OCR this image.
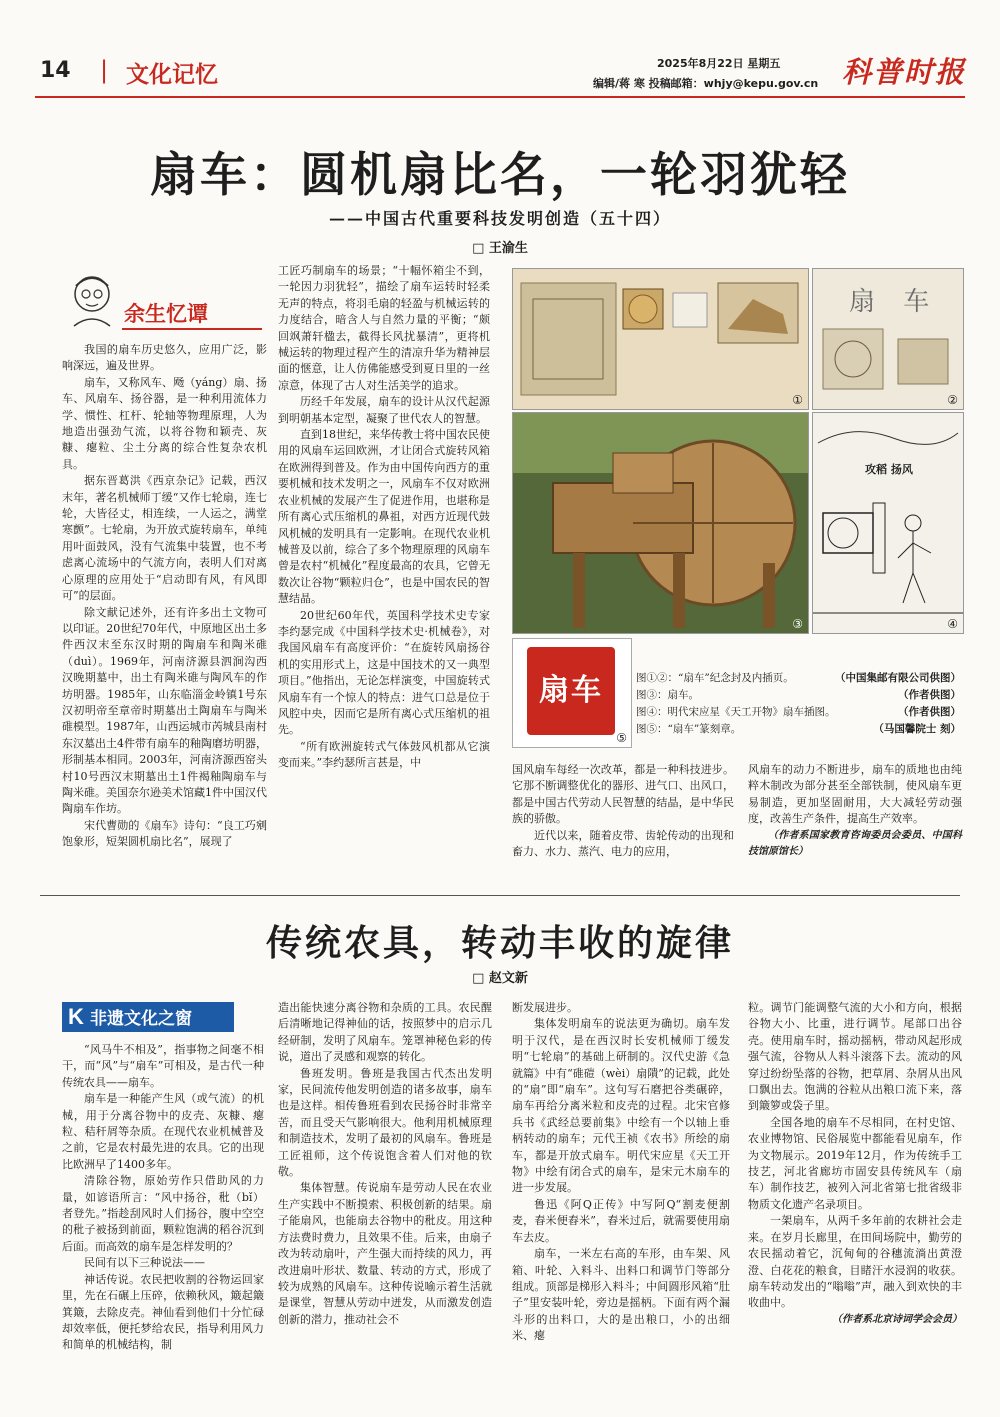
14 | 文化记忆	2025年8月22日 星期五
编辑/蒋 寒 投稿邮箱：whjy@kepu.gov.cn 科普时报
扇车：圆机扇比名，一轮羽犹轻
——中国古代重要科技发明创造（五十四）
□ 王渝生
余生忆谭

我国的扇车历史悠久，应用广泛，影响深远，遍及世界。

扇车，又称风车、飏（yáng）扇、扬车、风扇车、扬谷器，是一种利用流体力学、惯性、杠杆、轮轴等物理原理，人为地造出强劲气流，以将谷物和颖壳、灰糠、瘪粒、尘土分离的综合性复杂农机具。

据东晋葛洪《西京杂记》记载，西汉末年，著名机械师丁缓“又作七轮扇，连七轮，大皆径丈，相连续，一人运之，满堂寒颤”。七轮扇，为开放式旋转扇车，单纯用叶面鼓风，没有气流集中装置，也不考虑离心流场中的气流方向，表明人们对离心原理的应用处于“启动即有风，有风即可”的层面。

除文献记述外，还有许多出土文物可以印证。20世纪70年代，中原地区出土多件西汉末至东汉时期的陶扇车和陶米碓（duì）。1969年，河南济源县泗涧沟西汉晚期墓中，出土有陶米碓与陶风车的作坊明器。1985年，山东临淄金岭镇1号东汉初明帝至章帝时期墓出土陶扇车与陶米碓模型。1987年，山西运城市芮城县南村东汉墓出土4件带有扇车的釉陶磨坊明器，形制基本相同。2003年，河南济源西窑头村10号西汉末期墓出土1件褐釉陶扇车与陶米碓。美国奈尔逊美术馆藏1件中国汉代陶扇车作坊。

宋代曹勋的《扇车》诗句：“良工巧剜饱象形，短架圆机扇比名”，展现了

工匠巧制扇车的场景；“十幅怀箱尘不到，一轮因力羽犹轻”，描绘了扇车运转时轻柔无声的特点，将羽毛扇的轻盈与机械运转的力度结合，暗含人与自然力量的平衡；“颇回飒萧轩楹去，截得长风扰暴清”，更将机械运转的物理过程产生的清凉升华为精神层面的惬意，让人仿佛能感受到夏日里的一丝凉意，体现了古人对生活美学的追求。

历经千年发展，扇车的设计从汉代起源到明朝基本定型，凝聚了世代农人的智慧。

直到18世纪，来华传教士将中国农民使用的风扇车运回欧洲，才让闭合式旋转风箱在欧洲得到普及。作为由中国传向西方的重要机械和技术发明之一，风扇车不仅对欧洲农业机械的发展产生了促进作用，也堪称是所有离心式压缩机的鼻祖，对西方近现代鼓风机械的发明具有一定影响。在现代农业机械普及以前，综合了多个物理原理的风扇车曾是农村“机械化”程度最高的农具，它曾无数次让谷物“颗粒归仓”，也是中国农民的智慧结晶。

20世纪60年代，英国科学技术史专家李约瑟完成《中国科学技术史·机械卷》，对我国风扇车有高度评价：“在旋转风扇扬谷机的实用形式上，这是中国技术的又一典型项目。”他指出，无论怎样演变，中国旋转式风扇车有一个惊人的特点：进气口总是位于风腔中央，因而它是所有离心式压缩机的祖先。

“所有欧洲旋转式气体鼓风机都从它演变而来。”李约瑟所言甚是，中

①
扇 车
②
③
攻稻 扬风
④
扇车
⑤
（中国集邮有限公司供图）
图①②：“扇车”纪念封及内插页。
（作者供图）
图③：扇车。
（作者供图）
图④：明代宋应星《天工开物》扇车插图。
（马国馨院士 刻）
图⑤：“扇车”篆刻章。

国风扇车每经一次改革，都是一种科技进步。它那不断调整优化的器形、进气口、出风口，都是中国古代劳动人民智慧的结晶，是中华民族的骄傲。

近代以来，随着皮带、齿轮传动的出现和畜力、水力、蒸汽、电力的应用，

风扇车的动力不断进步，扇车的质地也由纯粹木制改为部分甚至全部铁制，使风扇车更易制造，更加坚固耐用，大大减轻劳动强度，改善生产条件，提高生产效率。

（作者系国家教育咨询委员会委员、中国科技馆原馆长）

传统农具，转动丰收的旋律
□ 赵文新
K 非遗文化之窗

“风马牛不相及”，指事物之间毫不相干，而“风”与“扇车”可相及，是古代一种传统农具——扇车。

扇车是一种能产生风（或气流）的机械，用于分离谷物中的皮壳、灰糠、瘪粒、秸秆屑等杂质。在现代农业机械普及之前，它是农村最先进的农具。它的出现比欧洲早了1400多年。

清除谷物，原始劳作只借助风的力量，如谚语所言：“风中扬谷，秕（bǐ）者登先。”指趁刮风时人们扬谷，腹中空空的秕子被扬到前面，颗粒饱满的稻谷沉到后面。而高效的扇车是怎样发明的？

民间有以下三种说法——

神话传说。农民把收割的谷物运回家里，先在石碾上压碎，依赖秋风，簸起簸箕簸，去除皮壳。神仙看到他们十分忙碌却效率低，便托梦给农民，指导利用风力和简单的机械结构，制

造出能快速分离谷物和杂质的工具。农民醒后清晰地记得神仙的话，按照梦中的启示几经研制，发明了风扇车。笼罩神秘色彩的传说，道出了灵感和观察的转化。

鲁班发明。鲁班是我国古代杰出发明家，民间流传他发明创造的诸多故事，扇车也是这样。相传鲁班看到农民扬谷时非常辛苦，而且受天气影响很大。他利用机械原理和制造技术，发明了最初的风扇车。鲁班是工匠祖师，这个传说饱含着人们对他的钦敬。

集体智慧。传说扇车是劳动人民在农业生产实践中不断摸索、积极创新的结果。扇子能扇风，也能扇去谷物中的秕皮。用这种方法费时费力，且效果不佳。后来，由扇子改为转动扇叶，产生强大而持续的风力，再改进扇叶形状、数量、转动的方式，形成了较为成熟的风扇车。这种传说喻示着生活就是课堂，智慧从劳动中迸发，从而激发创造创新的潜力，推动社会不

断发展进步。

集体发明扇车的说法更为确切。扇车发明于汉代，是在西汉时长安机械师丁缓发明“七轮扇”的基础上研制的。汉代史游《急就篇》中有“碓磑（wèi）扇隤”的记载，此处的“扇”即“扇车”。这句写石磨把谷类碾碎，扇车再给分离米粒和皮壳的过程。北宋官修兵书《武经总要前集》中绘有一个以轴上垂柄转动的扇车；元代王祯《农书》所绘的扇车，都是开放式扇车。明代宋应星《天工开物》中绘有闭合式的扇车，是宋元木扇车的进一步发展。

鲁迅《阿Q正传》中写阿Q“割麦便割麦，舂米便舂米”，舂米过后，就需要使用扇车去皮。

扇车，一米左右高的车形，由车架、风箱、叶轮、入料斗、出料口和调节门等部分组成。顶部是梯形入料斗；中间圆形风箱“肚子”里安装叶轮，旁边是摇柄。下面有两个漏斗形的出料口，大的是出粮口，小的出细米、瘪

粒。调节门能调整气流的大小和方向，根据谷物大小、比重，进行调节。尾部口出谷壳。使用扇车时，摇动摇柄，带动风起形成强气流，谷物从人料斗滚落下去。流动的风穿过纷纷坠落的谷物，把草屑、杂屑从出风口飘出去。饱满的谷粒从出粮口流下来，落到簸箩或袋子里。

全国各地的扇车不尽相同，在村史馆、农业博物馆、民俗展览中都能看见扇车，作为文物展示。2019年12月，作为传统手工技艺，河北省廊坊市固安县传统风车（扇车）制作技艺，被列入河北省第七批省级非物质文化遗产名录项目。

一架扇车，从两千多年前的农耕社会走来。在岁月长廊里，在田间场院中，勤劳的农民摇动着它，沉甸甸的谷穗流淌出黄澄澄、白花花的粮食，目睹汗水浸润的收获。扇车转动发出的“嗡嗡”声，融入到欢快的丰收曲中。

（作者系北京诗词学会会员）
